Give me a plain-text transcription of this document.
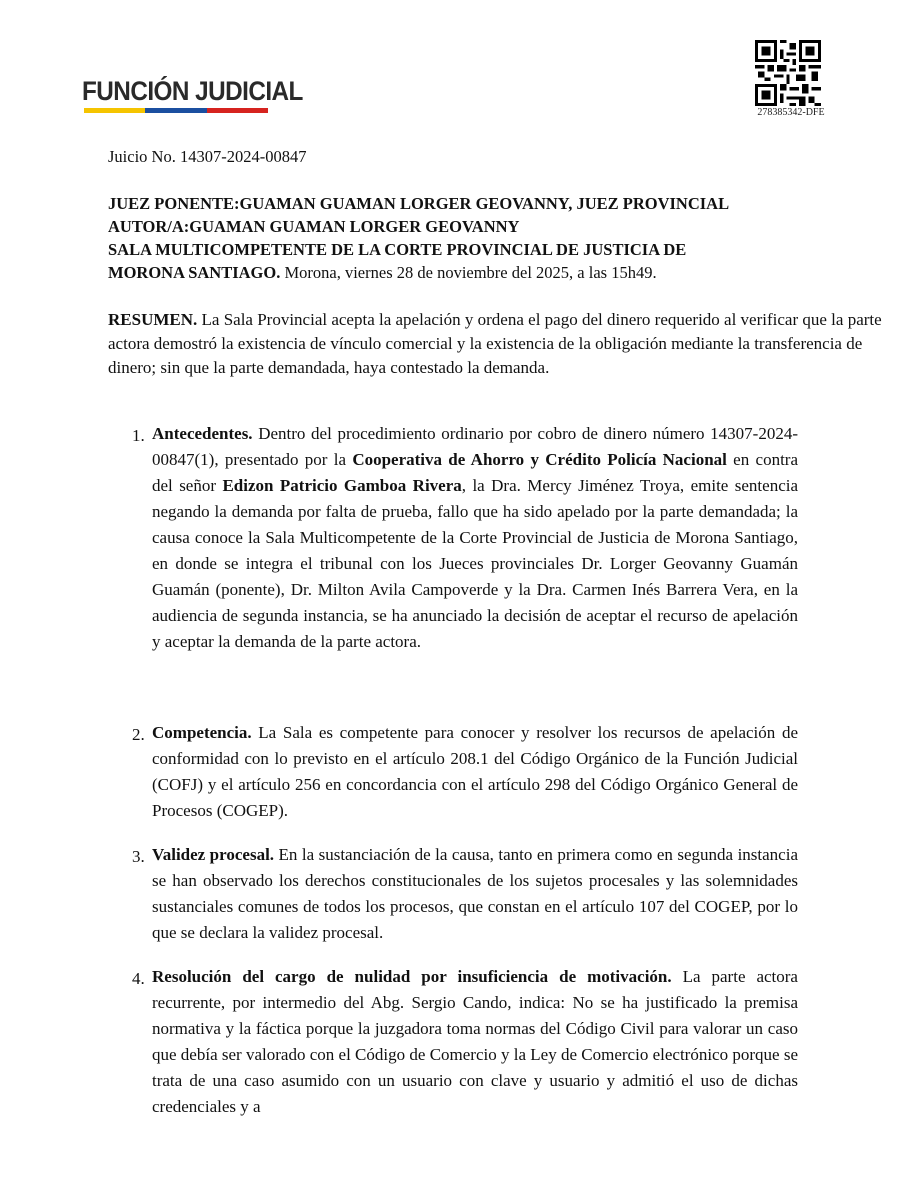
FUNCIÓN JUDICIAL
278385342-DFE
Juicio No. 14307-2024-00847
JUEZ PONENTE:GUAMAN GUAMAN LORGER GEOVANNY, JUEZ PROVINCIAL
AUTOR/A:GUAMAN GUAMAN LORGER GEOVANNY
SALA MULTICOMPETENTE DE LA CORTE PROVINCIAL DE JUSTICIA DE
MORONA SANTIAGO. Morona, viernes 28 de noviembre del 2025, a las 15h49.
RESUMEN. La Sala Provincial acepta la apelación y ordena el pago del dinero requerido al verificar que la parte
actora demostró la existencia de vínculo comercial y la existencia de la obligación mediante la transferencia de
dinero; sin que la parte demandada, haya contestado la demanda.
1. Antecedentes. Dentro del procedimiento ordinario por cobro de dinero número 14307-2024-00847(1), presentado por la Cooperativa de Ahorro y Crédito Policía Nacional en contra del señor Edizon Patricio Gamboa Rivera, la Dra. Mercy Jiménez Troya, emite sentencia negando la demanda por falta de prueba, fallo que ha sido apelado por la parte demandada; la causa conoce la Sala Multicompetente de la Corte Provincial de Justicia de Morona Santiago, en donde se integra el tribunal con los Jueces provinciales Dr. Lorger Geovanny Guamán Guamán (ponente), Dr. Milton Avila Campoverde y la Dra. Carmen Inés Barrera Vera, en la audiencia de segunda instancia, se ha anunciado la decisión de aceptar el recurso de apelación y aceptar la demanda de la parte actora.
2. Competencia. La Sala es competente para conocer y resolver los recursos de apelación de conformidad con lo previsto en el artículo 208.1 del Código Orgánico de la Función Judicial (COFJ) y el artículo 256 en concordancia con el artículo 298 del Código Orgánico General de Procesos (COGEP).
3. Validez procesal. En la sustanciación de la causa, tanto en primera como en segunda instancia se han observado los derechos constitucionales de los sujetos procesales y las solemnidades sustanciales comunes de todos los procesos, que constan en el artículo 107 del COGEP, por lo que se declara la validez procesal.
4. Resolución del cargo de nulidad por insuficiencia de motivación. La parte actora recurrente, por intermedio del Abg. Sergio Cando, indica: No se ha justificado la premisa normativa y la fáctica porque la juzgadora toma normas del Código Civil para valorar un caso que debía ser valorado con el Código de Comercio y la Ley de Comercio electrónico porque se trata de una caso asumido con un usuario con clave y usuario y admitió el uso de dichas credenciales y a
